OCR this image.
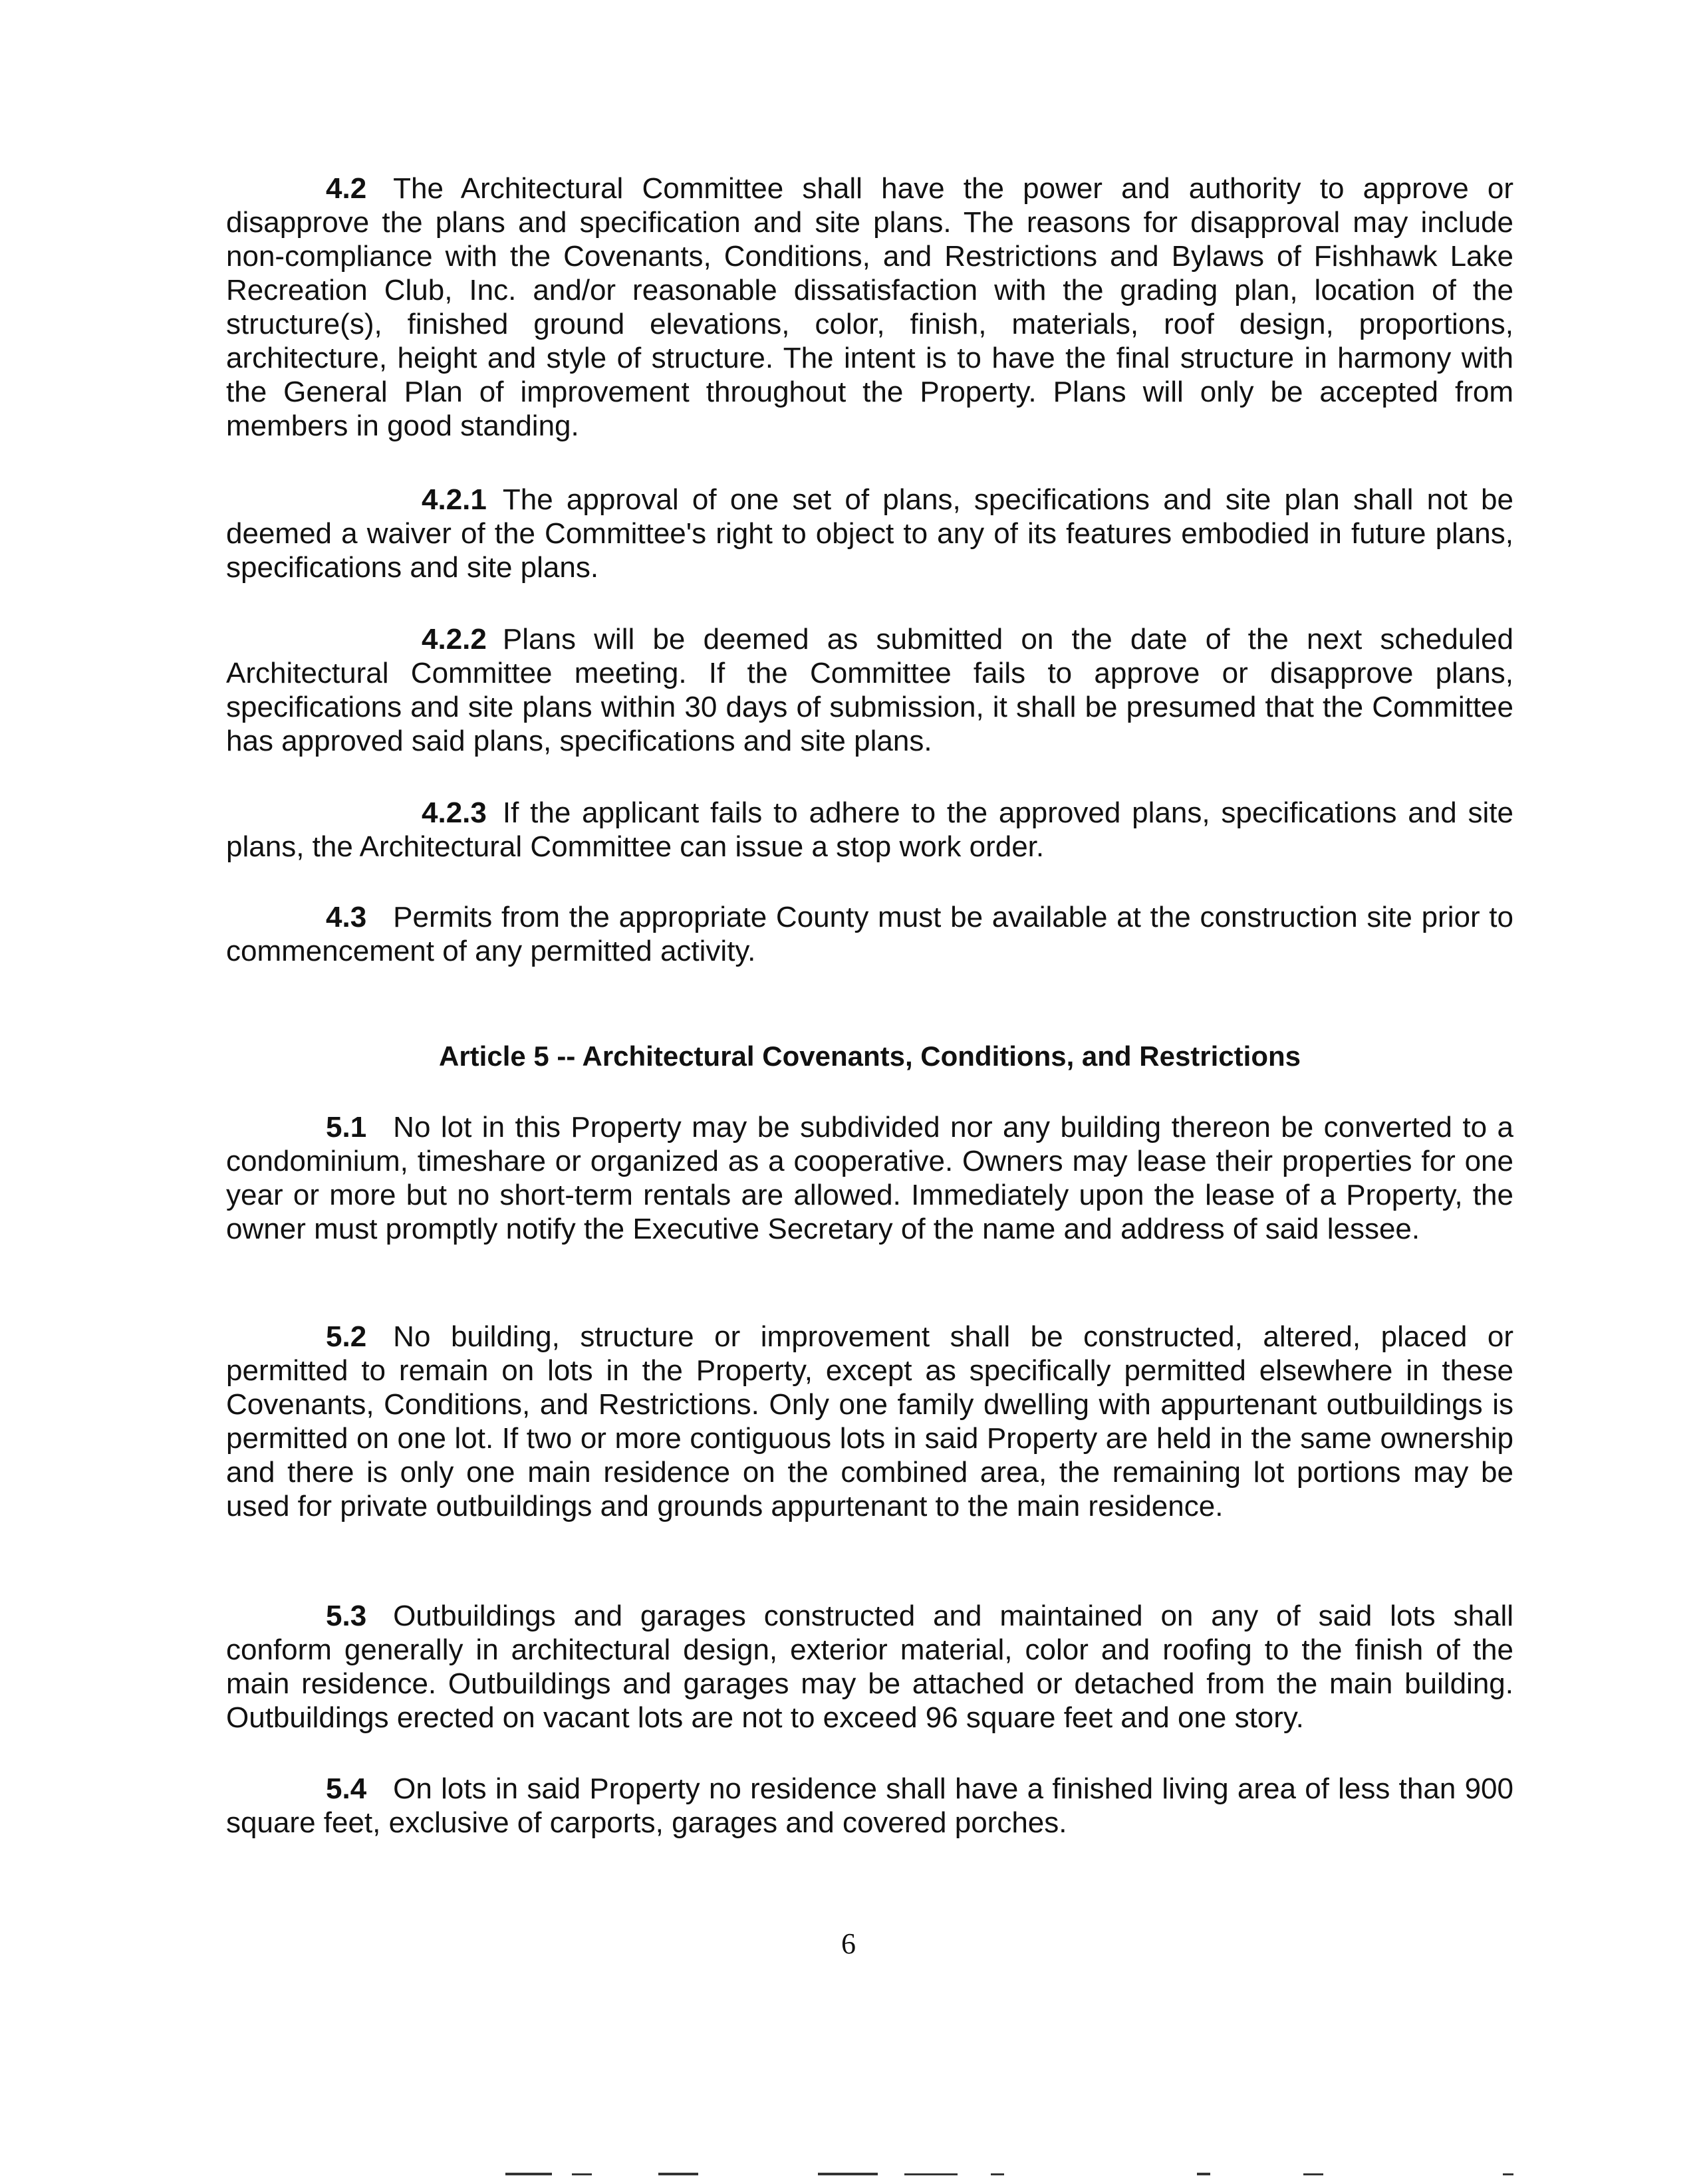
4.2 The Architectural Committee shall have the power and authority to approve or disapprove the plans and specification and site plans. The reasons for disapproval may include non-compliance with the Covenants, Conditions, and Restrictions and Bylaws of Fishhawk Lake Recreation Club, Inc. and/or reasonable dissatisfaction with the grading plan, location of the structure(s), finished ground elevations, color, finish, materials, roof design, proportions, architecture, height and style of structure. The intent is to have the final structure in harmony with the General Plan of improvement throughout the Property. Plans will only be accepted from members in good standing.

4.2.1 The approval of one set of plans, specifications and site plan shall not be deemed a waiver of the Committee's right to object to any of its features embodied in future plans, specifications and site plans.

4.2.2 Plans will be deemed as submitted on the date of the next scheduled Architectural Committee meeting. If the Committee fails to approve or disapprove plans, specifications and site plans within 30 days of submission, it shall be presumed that the Committee has approved said plans, specifications and site plans.

4.2.3 If the applicant fails to adhere to the approved plans, specifications and site plans, the Architectural Committee can issue a stop work order.

4.3 Permits from the appropriate County must be available at the construction site prior to commencement of any permitted activity.

Article 5 -- Architectural Covenants, Conditions, and Restrictions

5.1 No lot in this Property may be subdivided nor any building thereon be converted to a condominium, timeshare or organized as a cooperative. Owners may lease their properties for one year or more but no short-term rentals are allowed. Immediately upon the lease of a Property, the owner must promptly notify the Executive Secretary of the name and address of said lessee.

5.2 No building, structure or improvement shall be constructed, altered, placed or permitted to remain on lots in the Property, except as specifically permitted elsewhere in these Covenants, Conditions, and Restrictions. Only one family dwelling with appurtenant outbuildings is permitted on one lot. If two or more contiguous lots in said Property are held in the same ownership and there is only one main residence on the combined area, the remaining lot portions may be used for private outbuildings and grounds appurtenant to the main residence.

5.3 Outbuildings and garages constructed and maintained on any of said lots shall conform generally in architectural design, exterior material, color and roofing to the finish of the main residence. Outbuildings and garages may be attached or detached from the main building. Outbuildings erected on vacant lots are not to exceed 96 square feet and one story.

5.4 On lots in said Property no residence shall have a finished living area of less than 900 square feet, exclusive of carports, garages and covered porches.

6
